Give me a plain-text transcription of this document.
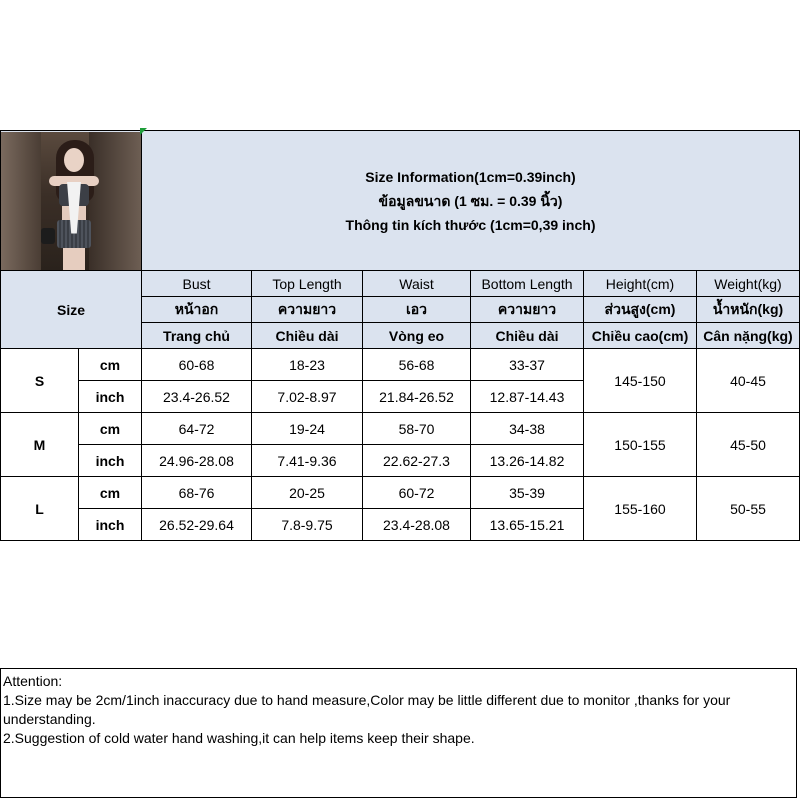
		Size Information(1cm=0.39inch)
ข้อมูลขนาด (1 ซม. = 0.39 นิ้ว)
Thông tin kích thước (1cm=0,39 inch)					

Size		Bust	Top Length	Waist	Bottom Length	Height(cm)	Weight(kg)
		หน้าอก	ความยาว	เอว	ความยาว	ส่วนสูง(cm)	น้ำหนัก(kg)
		Trang chủ	Chiều dài	Vòng eo	Chiều dài	Chiều cao(cm)	Cân nặng(kg)
S	cm	60-68	18-23	56-68	33-37	145-150	40-45
	inch	23.4-26.52	7.02-8.97	21.84-26.52	12.87-14.43		
M	cm	64-72	19-24	58-70	34-38	150-155	45-50
	inch	24.96-28.08	7.41-9.36	22.62-27.3	13.26-14.82		
L	cm	68-76	20-25	60-72	35-39	155-160	50-55
	inch	26.52-29.64	7.8-9.75	23.4-28.08	13.65-15.21		

Attention:

1.Size may be 2cm/1inch inaccuracy due to hand measure,Color may be little different due to monitor ,thanks for your understanding.

2.Suggestion of cold water hand washing,it can help items keep their shape.
